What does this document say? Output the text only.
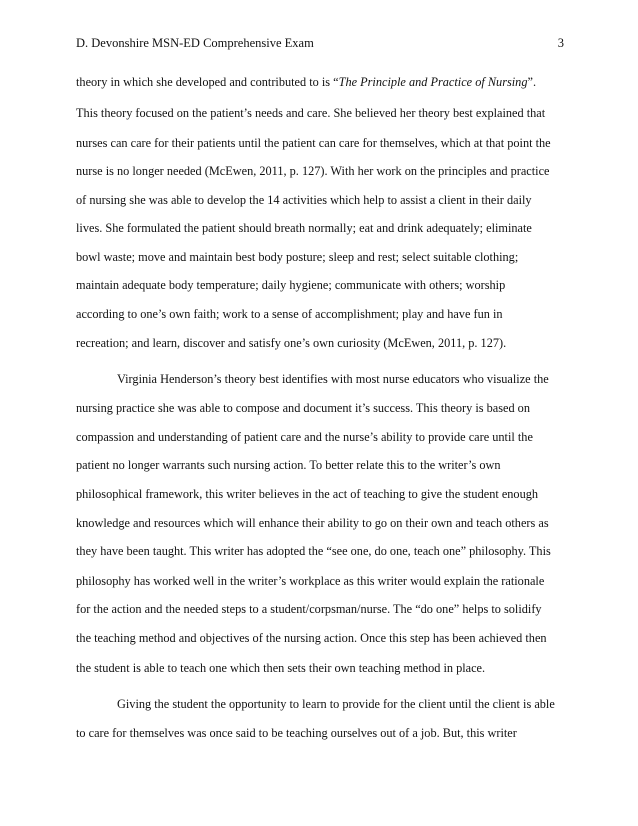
D. Devonshire MSN-ED Comprehensive Exam	3
theory in which she developed and contributed to is “The Principle and Practice of Nursing”.
This theory focused on the patient’s needs and care. She believed her theory best explained that
nurses can care for their patients until the patient can care for themselves, which at that point the
nurse is no longer needed (McEwen, 2011, p. 127). With her work on the principles and practice
of nursing she was able to develop the 14 activities which help to assist a client in their daily
lives. She formulated the patient should breath normally; eat and drink adequately; eliminate
bowl waste; move and maintain best body posture; sleep and rest; select suitable clothing;
maintain adequate body temperature; daily hygiene; communicate with others; worship
according to one’s own faith; work to a sense of accomplishment; play and have fun in
recreation; and learn, discover and satisfy one’s own curiosity (McEwen, 2011, p. 127).
Virginia Henderson’s theory best identifies with most nurse educators who visualize the
nursing practice she was able to compose and document it’s success. This theory is based on
compassion and understanding of patient care and the nurse’s ability to provide care until the
patient no longer warrants such nursing action. To better relate this to the writer’s own
philosophical framework, this writer believes in the act of teaching to give the student enough
knowledge and resources which will enhance their ability to go on their own and teach others as
they have been taught. This writer has adopted the “see one, do one, teach one” philosophy. This
philosophy has worked well in the writer’s workplace as this writer would explain the rationale
for the action and the needed steps to a student/corpsman/nurse. The “do one” helps to solidify
the teaching method and objectives of the nursing action. Once this step has been achieved then
the student is able to teach one which then sets their own teaching method in place.
Giving the student the opportunity to learn to provide for the client until the client is able
to care for themselves was once said to be teaching ourselves out of a job. But, this writer
